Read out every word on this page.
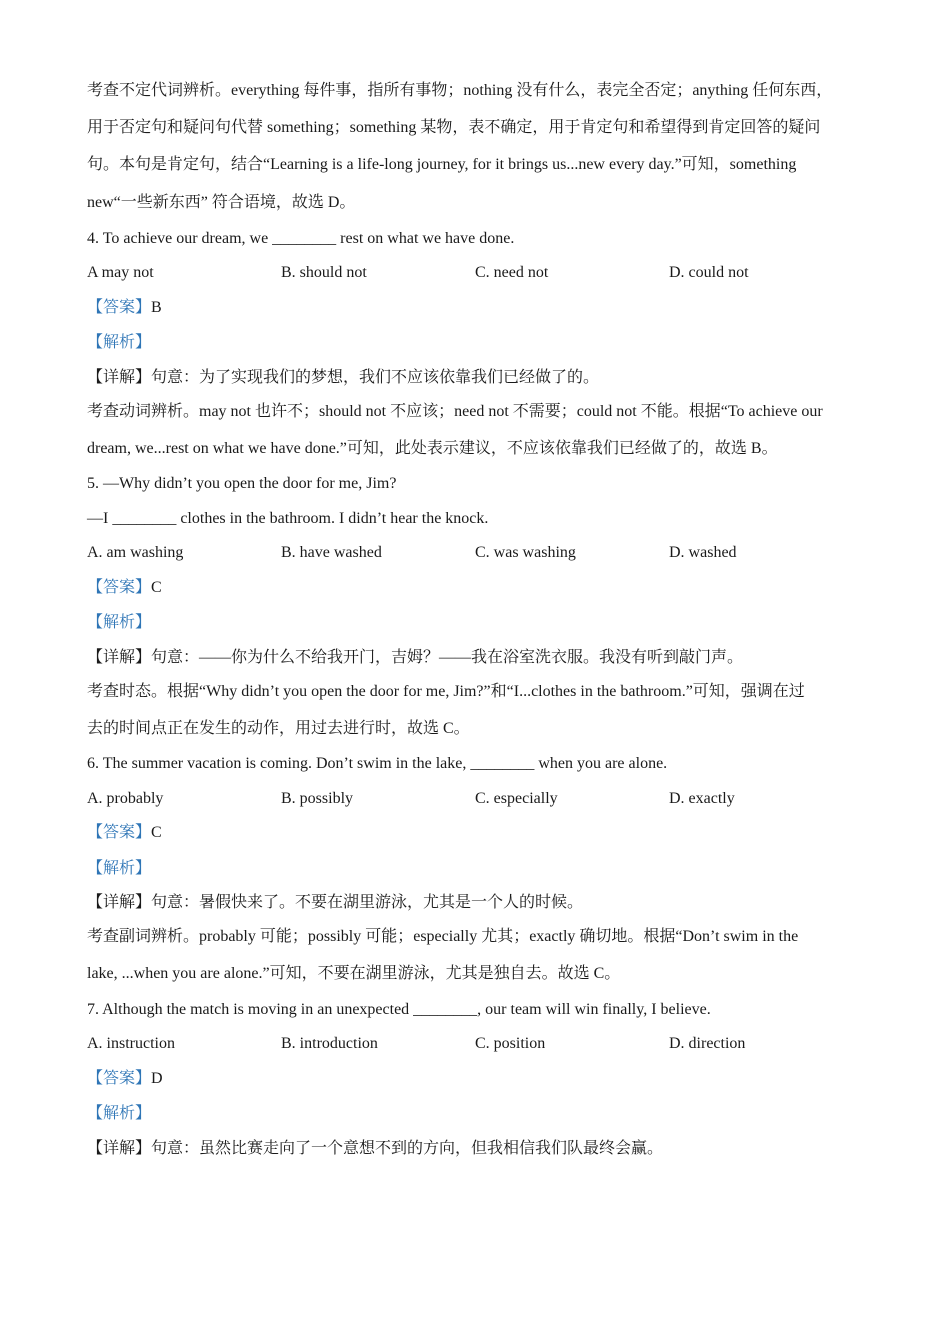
考查不定代词辨析。everything 每件事，指所有事物；nothing 没有什么，表完全否定；anything 任何东西，
用于否定句和疑问句代替 something；something 某物，表不确定，用于肯定句和希望得到肯定回答的疑问
句。本句是肯定句，结合“Learning is a life-long journey, for it brings us...new every day.”可知，something
new“一些新东西” 符合语境，故选 D。
4. To achieve our dream, we ________ rest on what we have done.
A may not	B. should not	C. need not	D. could not
【答案】B
【解析】
【详解】句意：为了实现我们的梦想，我们不应该依靠我们已经做了的。
考查动词辨析。may not 也许不；should not 不应该；need not 不需要；could not 不能。根据“To achieve our
dream, we...rest on what we have done.”可知，此处表示建议，不应该依靠我们已经做了的，故选 B。
5. —Why didn’t you open the door for me, Jim?
—I ________ clothes in the bathroom. I didn’t hear the knock.
A. am washing	B. have washed	C. was washing	D. washed
【答案】C
【解析】
【详解】句意：——你为什么不给我开门，吉姆？——我在浴室洗衣服。我没有听到敲门声。
考查时态。根据“Why didn’t you open the door for me, Jim?”和“I...clothes in the bathroom.”可知，强调在过
去的时间点正在发生的动作，用过去进行时，故选 C。
6. The summer vacation is coming. Don’t swim in the lake, ________ when you are alone.
A. probably	B. possibly	C. especially	D. exactly
【答案】C
【解析】
【详解】句意：暑假快来了。不要在湖里游泳，尤其是一个人的时候。
考查副词辨析。probably 可能；possibly 可能；especially 尤其；exactly 确切地。根据“Don’t swim in the
lake, ...when you are alone.”可知，不要在湖里游泳，尤其是独自去。故选 C。
7. Although the match is moving in an unexpected ________, our team will win finally, I believe.
A. instruction	B. introduction	C. position	D. direction
【答案】D
【解析】
【详解】句意：虽然比赛走向了一个意想不到的方向，但我相信我们队最终会赢。
